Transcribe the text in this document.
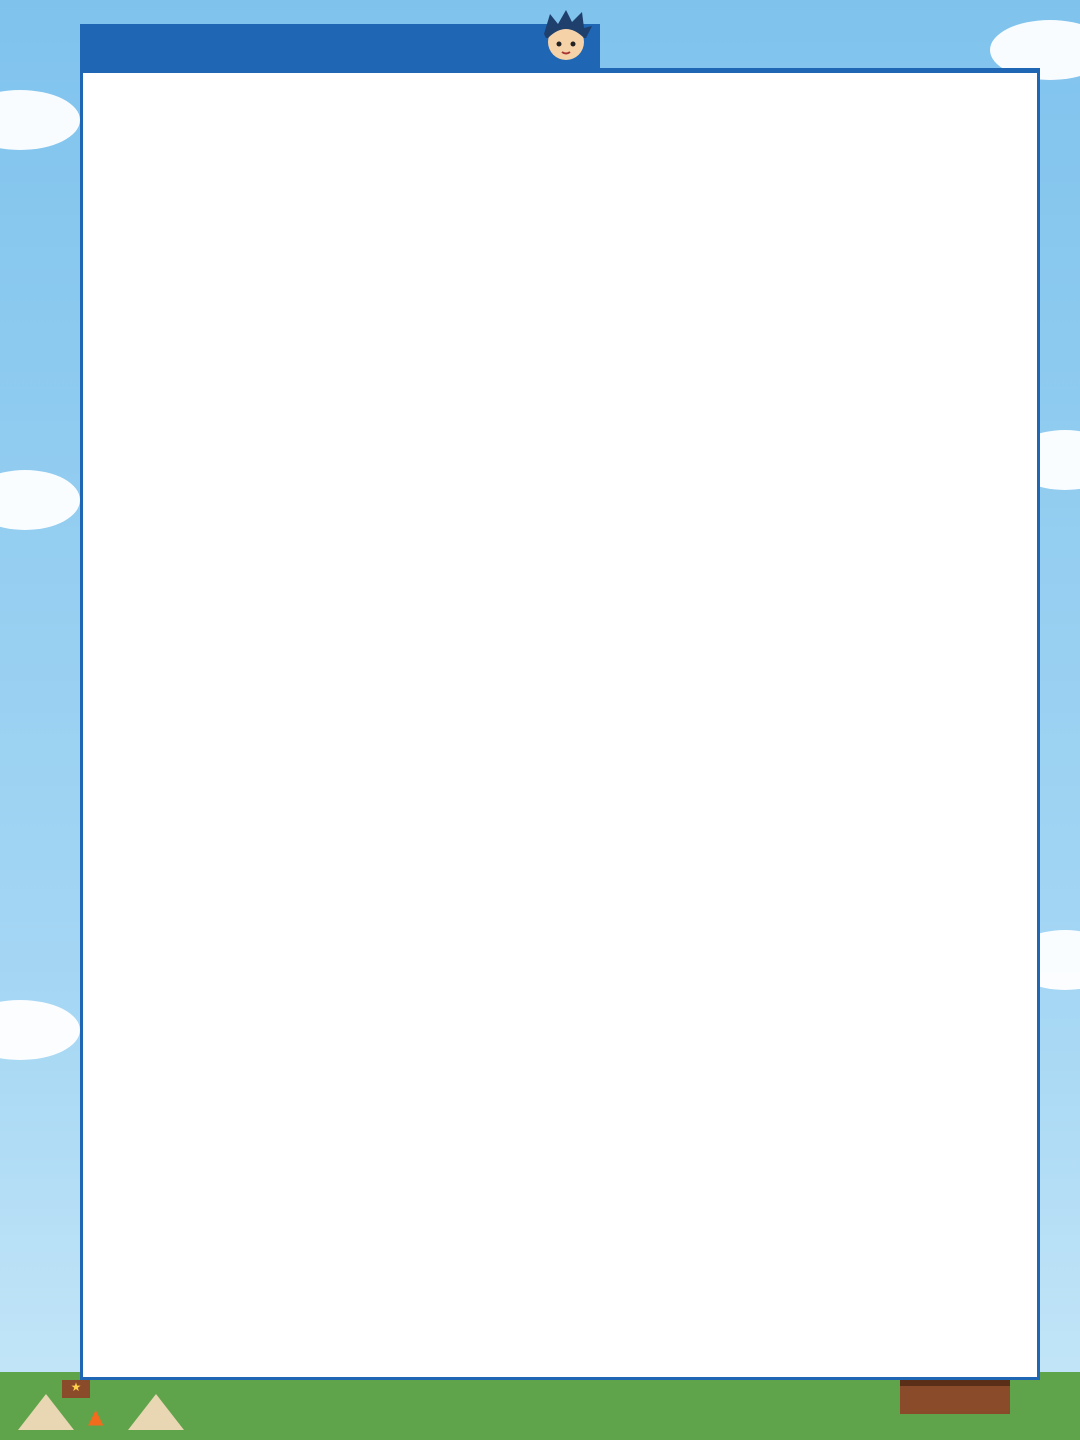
▲
★
